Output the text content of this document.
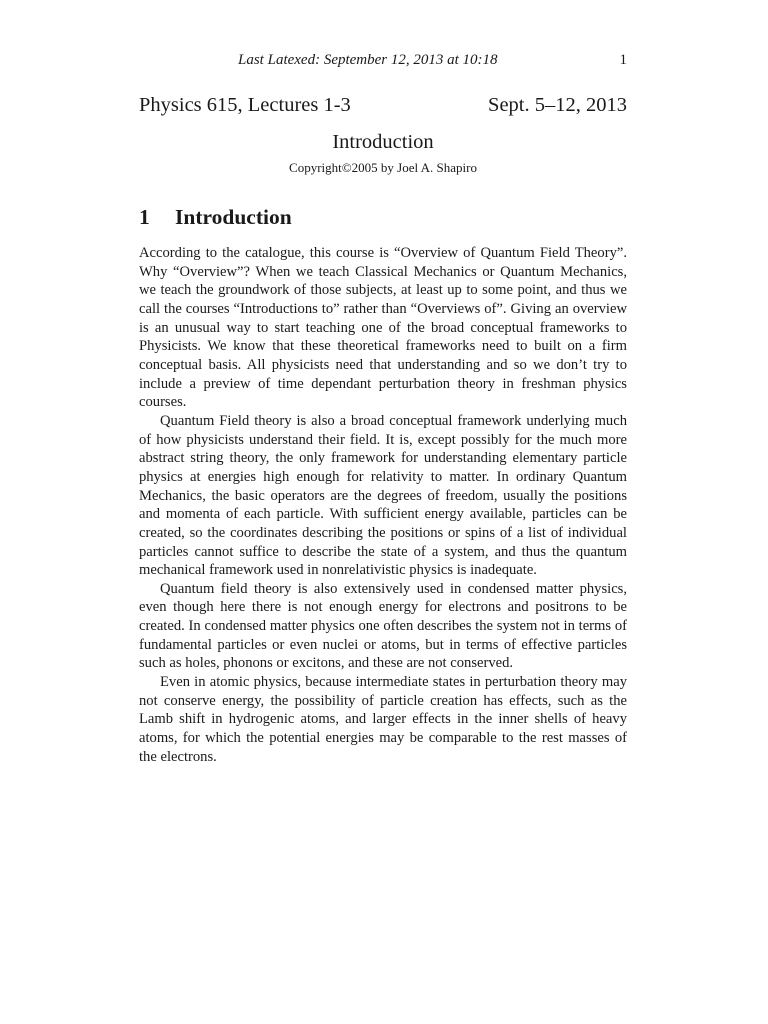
Last Latexed: September 12, 2013 at 10:18	1
Physics 615, Lectures 1-3	Sept. 5–12, 2013
Introduction
Copyright©2005 by Joel A. Shapiro
1 Introduction

According to the catalogue, this course is “Overview of Quantum Field Theory”. Why “Overview”? When we teach Classical Mechanics or Quantum Mechanics, we teach the groundwork of those subjects, at least up to some point, and thus we call the courses “Introductions to” rather than “Overviews of”. Giving an overview is an unusual way to start teaching one of the broad conceptual frameworks to Physicists. We know that these theoretical frameworks need to built on a firm conceptual basis. All physicists need that understanding and so we don’t try to include a preview of time dependant perturbation theory in freshman physics courses.

Quantum Field theory is also a broad conceptual framework underlying much of how physicists understand their field. It is, except possibly for the much more abstract string theory, the only framework for understanding elementary particle physics at energies high enough for relativity to matter. In ordinary Quantum Mechanics, the basic operators are the degrees of freedom, usually the positions and momenta of each particle. With sufficient energy available, particles can be created, so the coordinates describing the positions or spins of a list of individual particles cannot suffice to describe the state of a system, and thus the quantum mechanical framework used in nonrelativistic physics is inadequate.

Quantum field theory is also extensively used in condensed matter physics, even though here there is not enough energy for electrons and positrons to be created. In condensed matter physics one often describes the system not in terms of fundamental particles or even nuclei or atoms, but in terms of effective particles such as holes, phonons or excitons, and these are not conserved.

Even in atomic physics, because intermediate states in perturbation theory may not conserve energy, the possibility of particle creation has effects, such as the Lamb shift in hydrogenic atoms, and larger effects in the inner shells of heavy atoms, for which the potential energies may be comparable to the rest masses of the electrons.
